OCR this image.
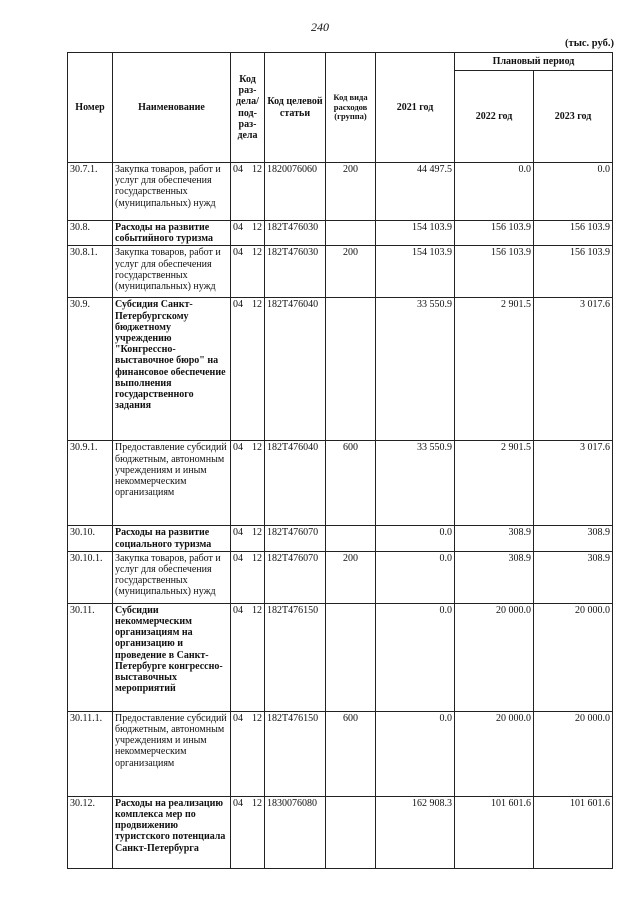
240
(тыс. руб.)
Номер	Наименование	Код раз- дела/ под- раз- дела	Код целевой статьи	Код вида расходов (группа)	2021 год	Плановый период	
						2022 год	2023 год
30.7.1.	Закупка товаров, работ и услуг для обеспечения государственных (муниципальных) нужд	04 12	1820076060	200	44 497.5	0.0	0.0
30.8.	Расходы на развитие событийного туризма	04 12	182Т476030		154 103.9	156 103.9	156 103.9
30.8.1.	Закупка товаров, работ и услуг для обеспечения государственных (муниципальных) нужд	04 12	182Т476030	200	154 103.9	156 103.9	156 103.9
30.9.	Субсидия Санкт-Петербургскому бюджетному учреждению "Конгрессно-выставочное бюро" на финансовое обеспечение выполнения государственного задания	04 12	182Т476040		33 550.9	2 901.5	3 017.6
30.9.1.	Предоставление субсидий бюджетным, автономным учреждениям и иным некоммерческим организациям	04 12	182Т476040	600	33 550.9	2 901.5	3 017.6
30.10.	Расходы на развитие социального туризма	04 12	182Т476070		0.0	308.9	308.9
30.10.1.	Закупка товаров, работ и услуг для обеспечения государственных (муниципальных) нужд	04 12	182Т476070	200	0.0	308.9	308.9
30.11.	Субсидии некоммерческим организациям на организацию и проведение в Санкт-Петербурге конгрессно-выставочных мероприятий	04 12	182Т476150		0.0	20 000.0	20 000.0
30.11.1.	Предоставление субсидий бюджетным, автономным учреждениям и иным некоммерческим организациям	04 12	182Т476150	600	0.0	20 000.0	20 000.0
30.12.	Расходы на реализацию комплекса мер по продвижению туристского потенциала Санкт-Петербурга	04 12	1830076080		162 908.3	101 601.6	101 601.6
